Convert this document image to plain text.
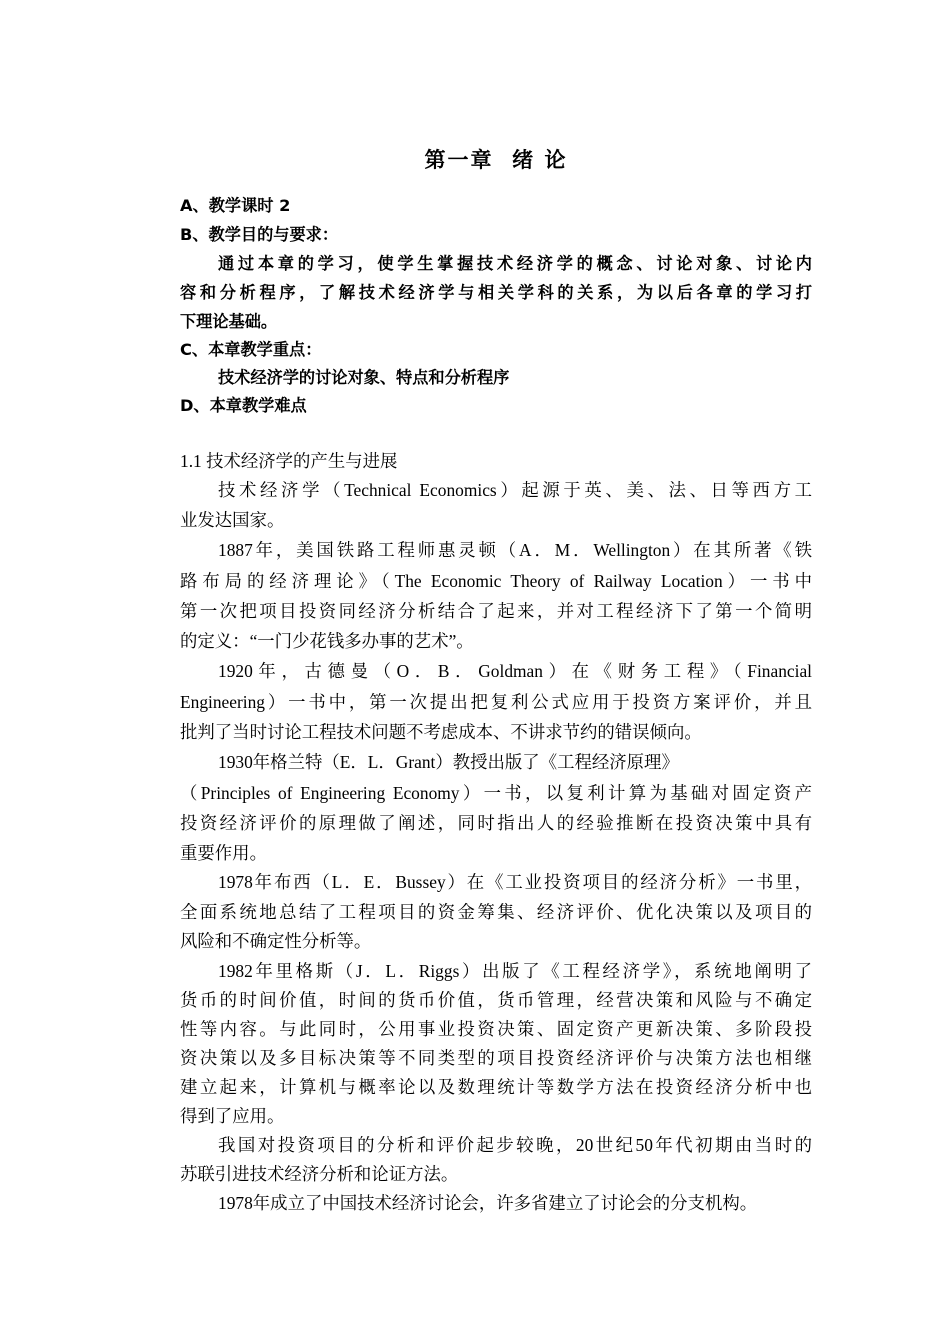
第一章  绪 论
A、教学课时 2
B、教学目的与要求：
通过本章的学习，使学生掌握技术经济学的概念、讨论对象、讨论内
容和分析程序，了解技术经济学与相关学科的关系，为以后各章的学习打
下理论基础。
C、本章教学重点：
技术经济学的讨论对象、特点和分析程序
D、本章教学难点
1.1 技术经济学的产生与进展
技术经济学（Technical Economics）起源于英、美、法、日等西方工
业发达国家。
1887年，美国铁路工程师惠灵顿（A．M．Wellington）在其所著《铁
路布局的经济理论》（The Economic Theory of Railway Location）一书中
第一次把项目投资同经济分析结合了起来，并对工程经济下了第一个简明
的定义：“一门少花钱多办事的艺术”。
1920年，古德曼（O．B．Goldman）在《财务工程》（Financial
Engineering）一书中，第一次提出把复利公式应用于投资方案评价，并且
批判了当时讨论工程技术问题不考虑成本、不讲求节约的错误倾向。
1930年格兰特（E．L．Grant）教授出版了《工程经济原理》
（Principles of Engineering Economy）一书，以复利计算为基础对固定资产
投资经济评价的原理做了阐述，同时指出人的经验推断在投资决策中具有
重要作用。
1978年布西（L．E．Bussey）在《工业投资项目的经济分析》一书里，
全面系统地总结了工程项目的资金筹集、经济评价、优化决策以及项目的
风险和不确定性分析等。
1982年里格斯（J．L．Riggs）出版了《工程经济学》，系统地阐明了
货币的时间价值，时间的货币价值，货币管理，经营决策和风险与不确定
性等内容。与此同时，公用事业投资决策、固定资产更新决策、多阶段投
资决策以及多目标决策等不同类型的项目投资经济评价与决策方法也相继
建立起来，计算机与概率论以及数理统计等数学方法在投资经济分析中也
得到了应用。
我国对投资项目的分析和评价起步较晚，20世纪50年代初期由当时的
苏联引进技术经济分析和论证方法。
1978年成立了中国技术经济讨论会，许多省建立了讨论会的分支机构。
